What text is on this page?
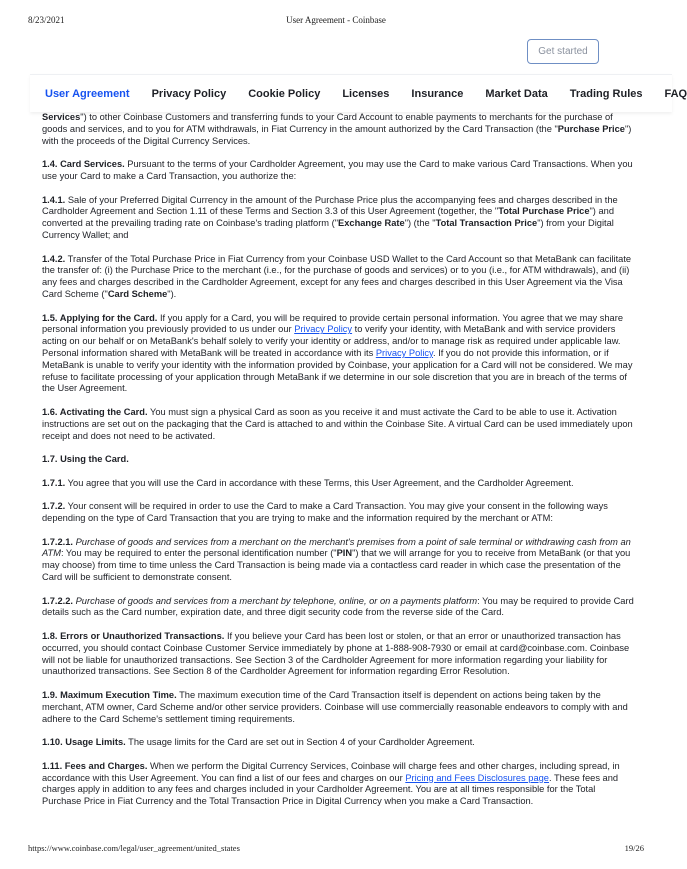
8/23/2021	User Agreement - Coinbase
Get started
User Agreement Privacy Policy Cookie Policy Licenses Insurance Market Data Trading Rules FAQ

Services") to other Coinbase Customers and transferring funds to your Card Account to enable payments to merchants for the purchase of goods and services, and to you for ATM withdrawals, in Fiat Currency in the amount authorized by the Card Transaction (the "Purchase Price") with the proceeds of the Digital Currency Services.

1.4. Card Services. Pursuant to the terms of your Cardholder Agreement, you may use the Card to make various Card Transactions. When you use your Card to make a Card Transaction, you authorize the:

1.4.1. Sale of your Preferred Digital Currency in the amount of the Purchase Price plus the accompanying fees and charges described in the Cardholder Agreement and Section 1.11 of these Terms and Section 3.3 of this User Agreement (together, the "Total Purchase Price") and converted at the prevailing trading rate on Coinbase's trading platform ("Exchange Rate") (the "Total Transaction Price") from your Digital Currency Wallet; and

1.4.2. Transfer of the Total Purchase Price in Fiat Currency from your Coinbase USD Wallet to the Card Account so that MetaBank can facilitate the transfer of: (i) the Purchase Price to the merchant (i.e., for the purchase of goods and services) or to you (i.e., for ATM withdrawals), and (ii) any fees and charges described in the Cardholder Agreement, except for any fees and charges described in this User Agreement via the Visa Card Scheme ("Card Scheme").

1.5. Applying for the Card. If you apply for a Card, you will be required to provide certain personal information. You agree that we may share personal information you previously provided to us under our Privacy Policy to verify your identity, with MetaBank and with service providers acting on our behalf or on MetaBank's behalf solely to verify your identity or address, and/or to manage risk as required under applicable law. Personal information shared with MetaBank will be treated in accordance with its Privacy Policy. If you do not provide this information, or if MetaBank is unable to verify your identity with the information provided by Coinbase, your application for a Card will not be considered. We may refuse to facilitate processing of your application through MetaBank if we determine in our sole discretion that you are in breach of the terms of the User Agreement.

1.6. Activating the Card. You must sign a physical Card as soon as you receive it and must activate the Card to be able to use it. Activation instructions are set out on the packaging that the Card is attached to and within the Coinbase Site. A virtual Card can be used immediately upon receipt and does not need to be activated.

1.7. Using the Card.

1.7.1. You agree that you will use the Card in accordance with these Terms, this User Agreement, and the Cardholder Agreement.

1.7.2. Your consent will be required in order to use the Card to make a Card Transaction. You may give your consent in the following ways depending on the type of Card Transaction that you are trying to make and the information required by the merchant or ATM:

1.7.2.1. Purchase of goods and services from a merchant on the merchant's premises from a point of sale terminal or withdrawing cash from an ATM: You may be required to enter the personal identification number ("PIN") that we will arrange for you to receive from MetaBank (or that you may choose) from time to time unless the Card Transaction is being made via a contactless card reader in which case the presentation of the Card will be sufficient to demonstrate consent.

1.7.2.2. Purchase of goods and services from a merchant by telephone, online, or on a payments platform: You may be required to provide Card details such as the Card number, expiration date, and three digit security code from the reverse side of the Card.

1.8. Errors or Unauthorized Transactions. If you believe your Card has been lost or stolen, or that an error or unauthorized transaction has occurred, you should contact Coinbase Customer Service immediately by phone at 1-888-908-7930 or email at card@coinbase.com. Coinbase will not be liable for unauthorized transactions. See Section 3 of the Cardholder Agreement for more information regarding your liability for unauthorized transactions. See Section 8 of the Cardholder Agreement for information regarding Error Resolution.

1.9. Maximum Execution Time. The maximum execution time of the Card Transaction itself is dependent on actions being taken by the merchant, ATM owner, Card Scheme and/or other service providers. Coinbase will use commercially reasonable endeavors to comply with and adhere to the Card Scheme's settlement timing requirements.

1.10. Usage Limits. The usage limits for the Card are set out in Section 4 of your Cardholder Agreement.

1.11. Fees and Charges. When we perform the Digital Currency Services, Coinbase will charge fees and other charges, including spread, in accordance with this User Agreement. You can find a list of our fees and charges on our Pricing and Fees Disclosures page. These fees and charges apply in addition to any fees and charges included in your Cardholder Agreement. You are at all times responsible for the Total Purchase Price in Fiat Currency and the Total Transaction Price in Digital Currency when you make a Card Transaction.

https://www.coinbase.com/legal/user_agreement/united_states	19/26
